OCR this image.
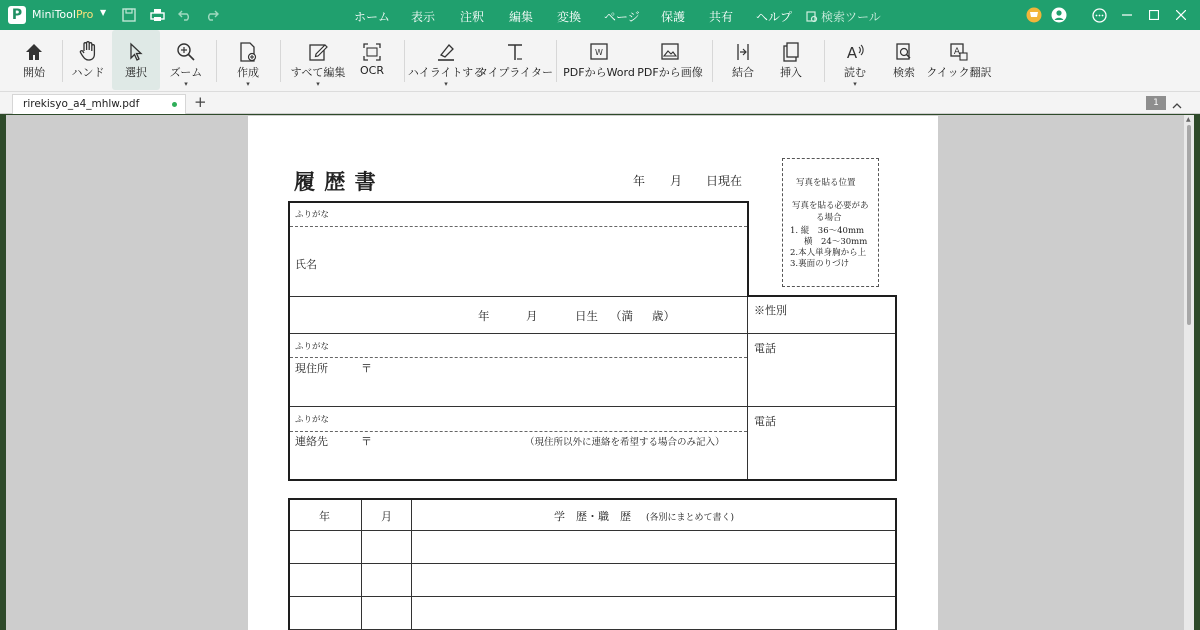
P MiniToolPro ▼	ホーム 表示 注釈 編集 変換 ページ 保護 共有 ヘルプ 検索ツール
開始 ハンド 選択 ズーム
▾
作成
▾
すべて編集
▾
OCR ハイライトする
▾
タイプライター
W
PDFからWord PDFから画像	結合 挿入
A
読む
▾
検索
A
クイック翻訳
rirekisyo_a4_mhlw.pdf	+	1
▲
履 歴 書	年 月 日現在	写真を貼る位置
写真を貼る必要があ
る場合
1. 縦　36～40mm
横　24～30mm
2.本人単身胸から上
3.裏面のりづけ
ふりがな
氏名
年	月	日生 （満 歳）	※性別
ふりがな
現住所	〒
電話
ふりがな
連絡先	〒	（現住所以外に連絡を希望する場合のみ記入）
電話
年	月	学　歴・職　歴 (各別にまとめて書く)
